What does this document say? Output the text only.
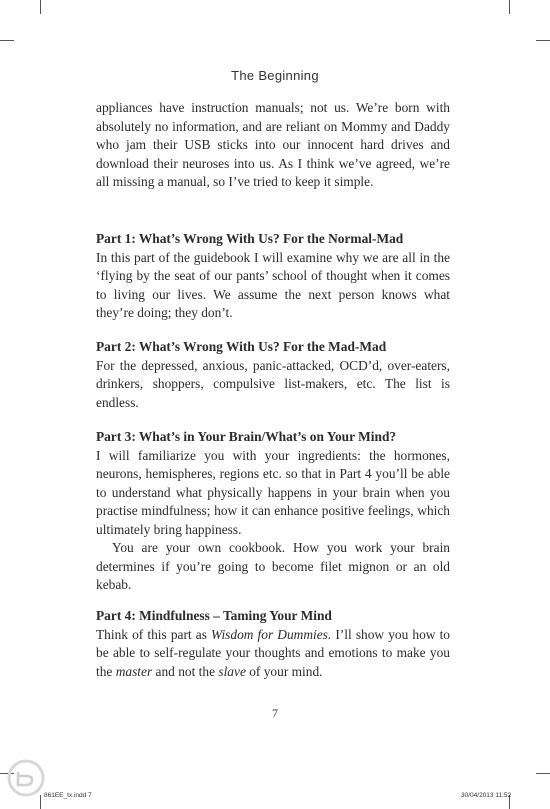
The Beginning
appliances have instruction manuals; not us. We’re born with absolutely no information, and are reliant on Mommy and Daddy who jam their USB sticks into our innocent hard drives and download their neuroses into us. As I think we’ve agreed, we’re all missing a manual, so I’ve tried to keep it simple.
Part 1: What’s Wrong With Us? For the Normal-Mad

In this part of the guidebook I will examine why we are all in the ‘flying by the seat of our pants’ school of thought when it comes to living our lives. We assume the next person knows what they’re doing; they don’t.

Part 2: What’s Wrong With Us? For the Mad-Mad

For the depressed, anxious, panic-attacked, OCD’d, over-eaters, drinkers, shoppers, compulsive list-makers, etc. The list is endless.

Part 3: What’s in Your Brain/What’s on Your Mind?

I will familiarize you with your ingredients: the hormones, neurons, hemispheres, regions etc. so that in Part 4 you’ll be able to understand what physically happens in your brain when you practise mindfulness; how it can enhance positive feelings, which ultimately bring happiness.

You are your own cookbook. How you work your brain determines if you’re going to become filet mignon or an old kebab.

Part 4: Mindfulness – Taming Your Mind

Think of this part as Wisdom for Dummies. I’ll show you how to be able to self-regulate your thoughts and emotions to make you the master and not the slave of your mind.

7
861EE_tx.indd 7	30/04/2013 11:52
